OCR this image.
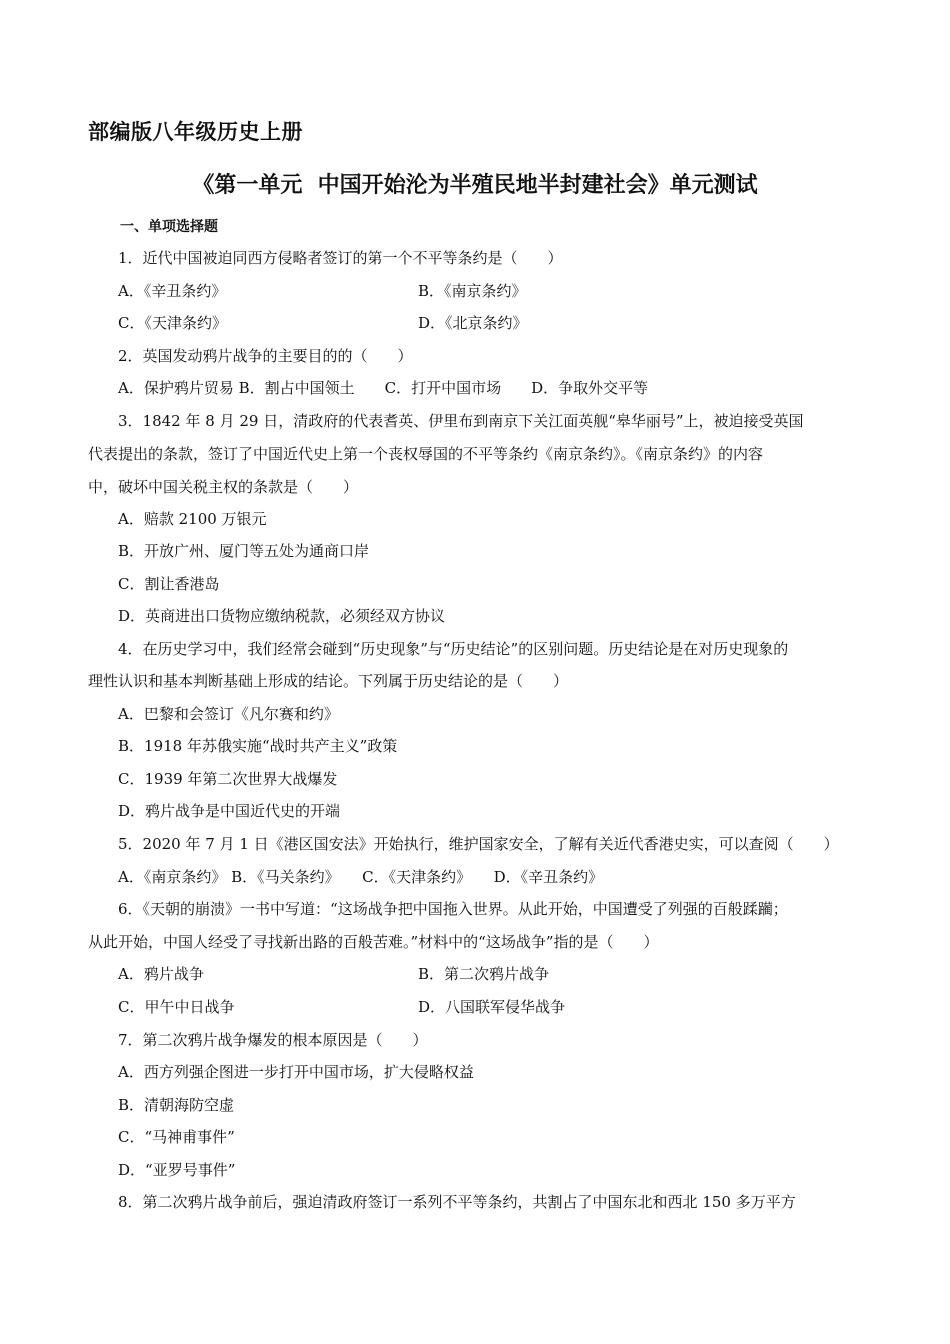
部编版八年级历史上册
《第一单元  中国开始沦为半殖民地半封建社会》单元测试
一、单项选择题
1．近代中国被迫同西方侵略者签订的第一个不平等条约是（　　）
A．《辛丑条约》	B．《南京条约》
C．《天津条约》	D．《北京条约》
2．英国发动鸦片战争的主要目的的（　　）
A．保护鸦片贸易 B．割占中国领土　　C．打开中国市场　　D．争取外交平等
3．1842 年 8 月 29 日，清政府的代表耆英、伊里布到南京下关江面英舰“皋华丽号”上，被迫接受英国
代表提出的条款，签订了中国近代史上第一个丧权辱国的不平等条约《南京条约》。《南京条约》的内容
中，破坏中国关税主权的条款是（　　）
A．赔款 2100 万银元
B．开放广州、厦门等五处为通商口岸
C．割让香港岛
D．英商进出口货物应缴纳税款，必须经双方协议
4．在历史学习中，我们经常会碰到“历史现象”与“历史结论”的区别问题。历史结论是在对历史现象的
理性认识和基本判断基础上形成的结论。下列属于历史结论的是（　　）
A．巴黎和会签订《凡尔赛和约》
B．1918 年苏俄实施“战时共产主义”政策
C．1939 年第二次世界大战爆发
D．鸦片战争是中国近代史的开端
5．2020 年 7 月 1 日《港区国安法》开始执行，维护国家安全，了解有关近代香港史实，可以查阅（　　）
A．《南京条约》 B．《马关条约》　　C．《天津条约》　　D．《辛丑条约》
6．《天朝的崩溃》一书中写道：“这场战争把中国拖入世界。从此开始，中国遭受了列强的百般蹂躏；
从此开始，中国人经受了寻找新出路的百般苦难。”材料中的“这场战争”指的是（　　）
A．鸦片战争	B．第二次鸦片战争
C．甲午中日战争	D．八国联军侵华战争
7．第二次鸦片战争爆发的根本原因是（　　）
A．西方列强企图进一步打开中国市场，扩大侵略权益
B．清朝海防空虚
C．“马神甫事件”
D．“亚罗号事件”
8．第二次鸦片战争前后，强迫清政府签订一系列不平等条约，共割占了中国东北和西北 150 多万平方
